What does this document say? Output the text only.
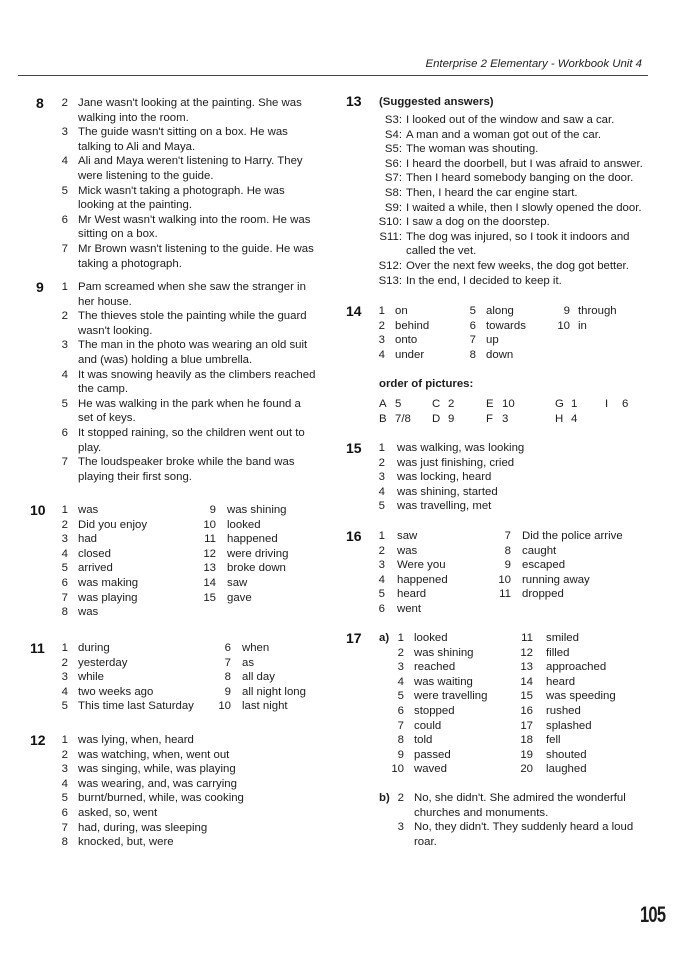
Enterprise 2 Elementary - Workbook Unit 4
8	2 Jane wasn't looking at the painting. She was
walking into the room.
3 The guide wasn't sitting on a box. He was
talking to Ali and Maya.
4 Ali and Maya weren't listening to Harry. They
were listening to the guide.
5 Mick wasn't taking a photograph. He was
looking at the painting.
6 Mr West wasn't walking into the room. He was
sitting on a box.
7 Mr Brown wasn't listening to the guide. He was
taking a photograph.
9	1 Pam screamed when she saw the stranger in
her house.
2 The thieves stole the painting while the guard
wasn't looking.
3 The man in the photo was wearing an old suit
and (was) holding a blue umbrella.
4 It was snowing heavily as the climbers reached
the camp.
5 He was walking in the park when he found a
set of keys.
6 It stopped raining, so the children went out to
play.
7 The loudspeaker broke while the band was
playing their first song.
10	1 was
2 Did you enjoy
3 had
4 closed
5 arrived
6 was making
7 was playing
8 was
9 was shining
10 looked
11 happened
12 were driving
13 broke down
14 saw
15 gave
11	1 during
2 yesterday
3 while
4 two weeks ago
5 This time last Saturday
6 when
7 as
8 all day
9 all night long
10 last night
12	1 was lying, when, heard
2 was watching, when, went out
3 was singing, while, was playing
4 was wearing, and, was carrying
5 burnt/burned, while, was cooking
6 asked, so, went
7 had, during, was sleeping
8 knocked, but, were
13 (Suggested answers)
S3: I looked out of the window and saw a car.
S4: A man and a woman got out of the car.
S5: The woman was shouting.
S6: I heard the doorbell, but I was afraid to answer.
S7: Then I heard somebody banging on the door.
S8: Then, I heard the car engine start.
S9: I waited a while, then I slowly opened the door.
S10: I saw a dog on the doorstep.
S11: The dog was injured, so I took it indoors and
called the vet.
S12: Over the next few weeks, the dog got better.
S13: In the end, I decided to keep it.
14	1 on
2 behind
3 onto
4 under
5 along
6 towards
7 up
8 down
9 through
10 in
order of pictures:
A 5	C 2	E 10	G 1 I 6
B 7/8 D 9	F 3	H 4
15	1 was walking, was looking
2 was just finishing, cried
3 was locking, heard
4 was shining, started
5 was travelling, met
16	1 saw
2 was
3 Were you
4 happened
5 heard
6 went
7 Did the police arrive
8 caught
9 escaped
10 running away
11 dropped
17 a) 1 looked
2 was shining
3 reached
4 was waiting
5 were travelling
6 stopped
7 could
8 told
9 passed
10 waved
11 smiled
12 filled
13 approached
14 heard
15 was speeding
16 rushed
17 splashed
18 fell
19 shouted
20 laughed
b) 2 No, she didn't. She admired the wonderful
churches and monuments.
3 No, they didn't. They suddenly heard a loud
roar.
105
